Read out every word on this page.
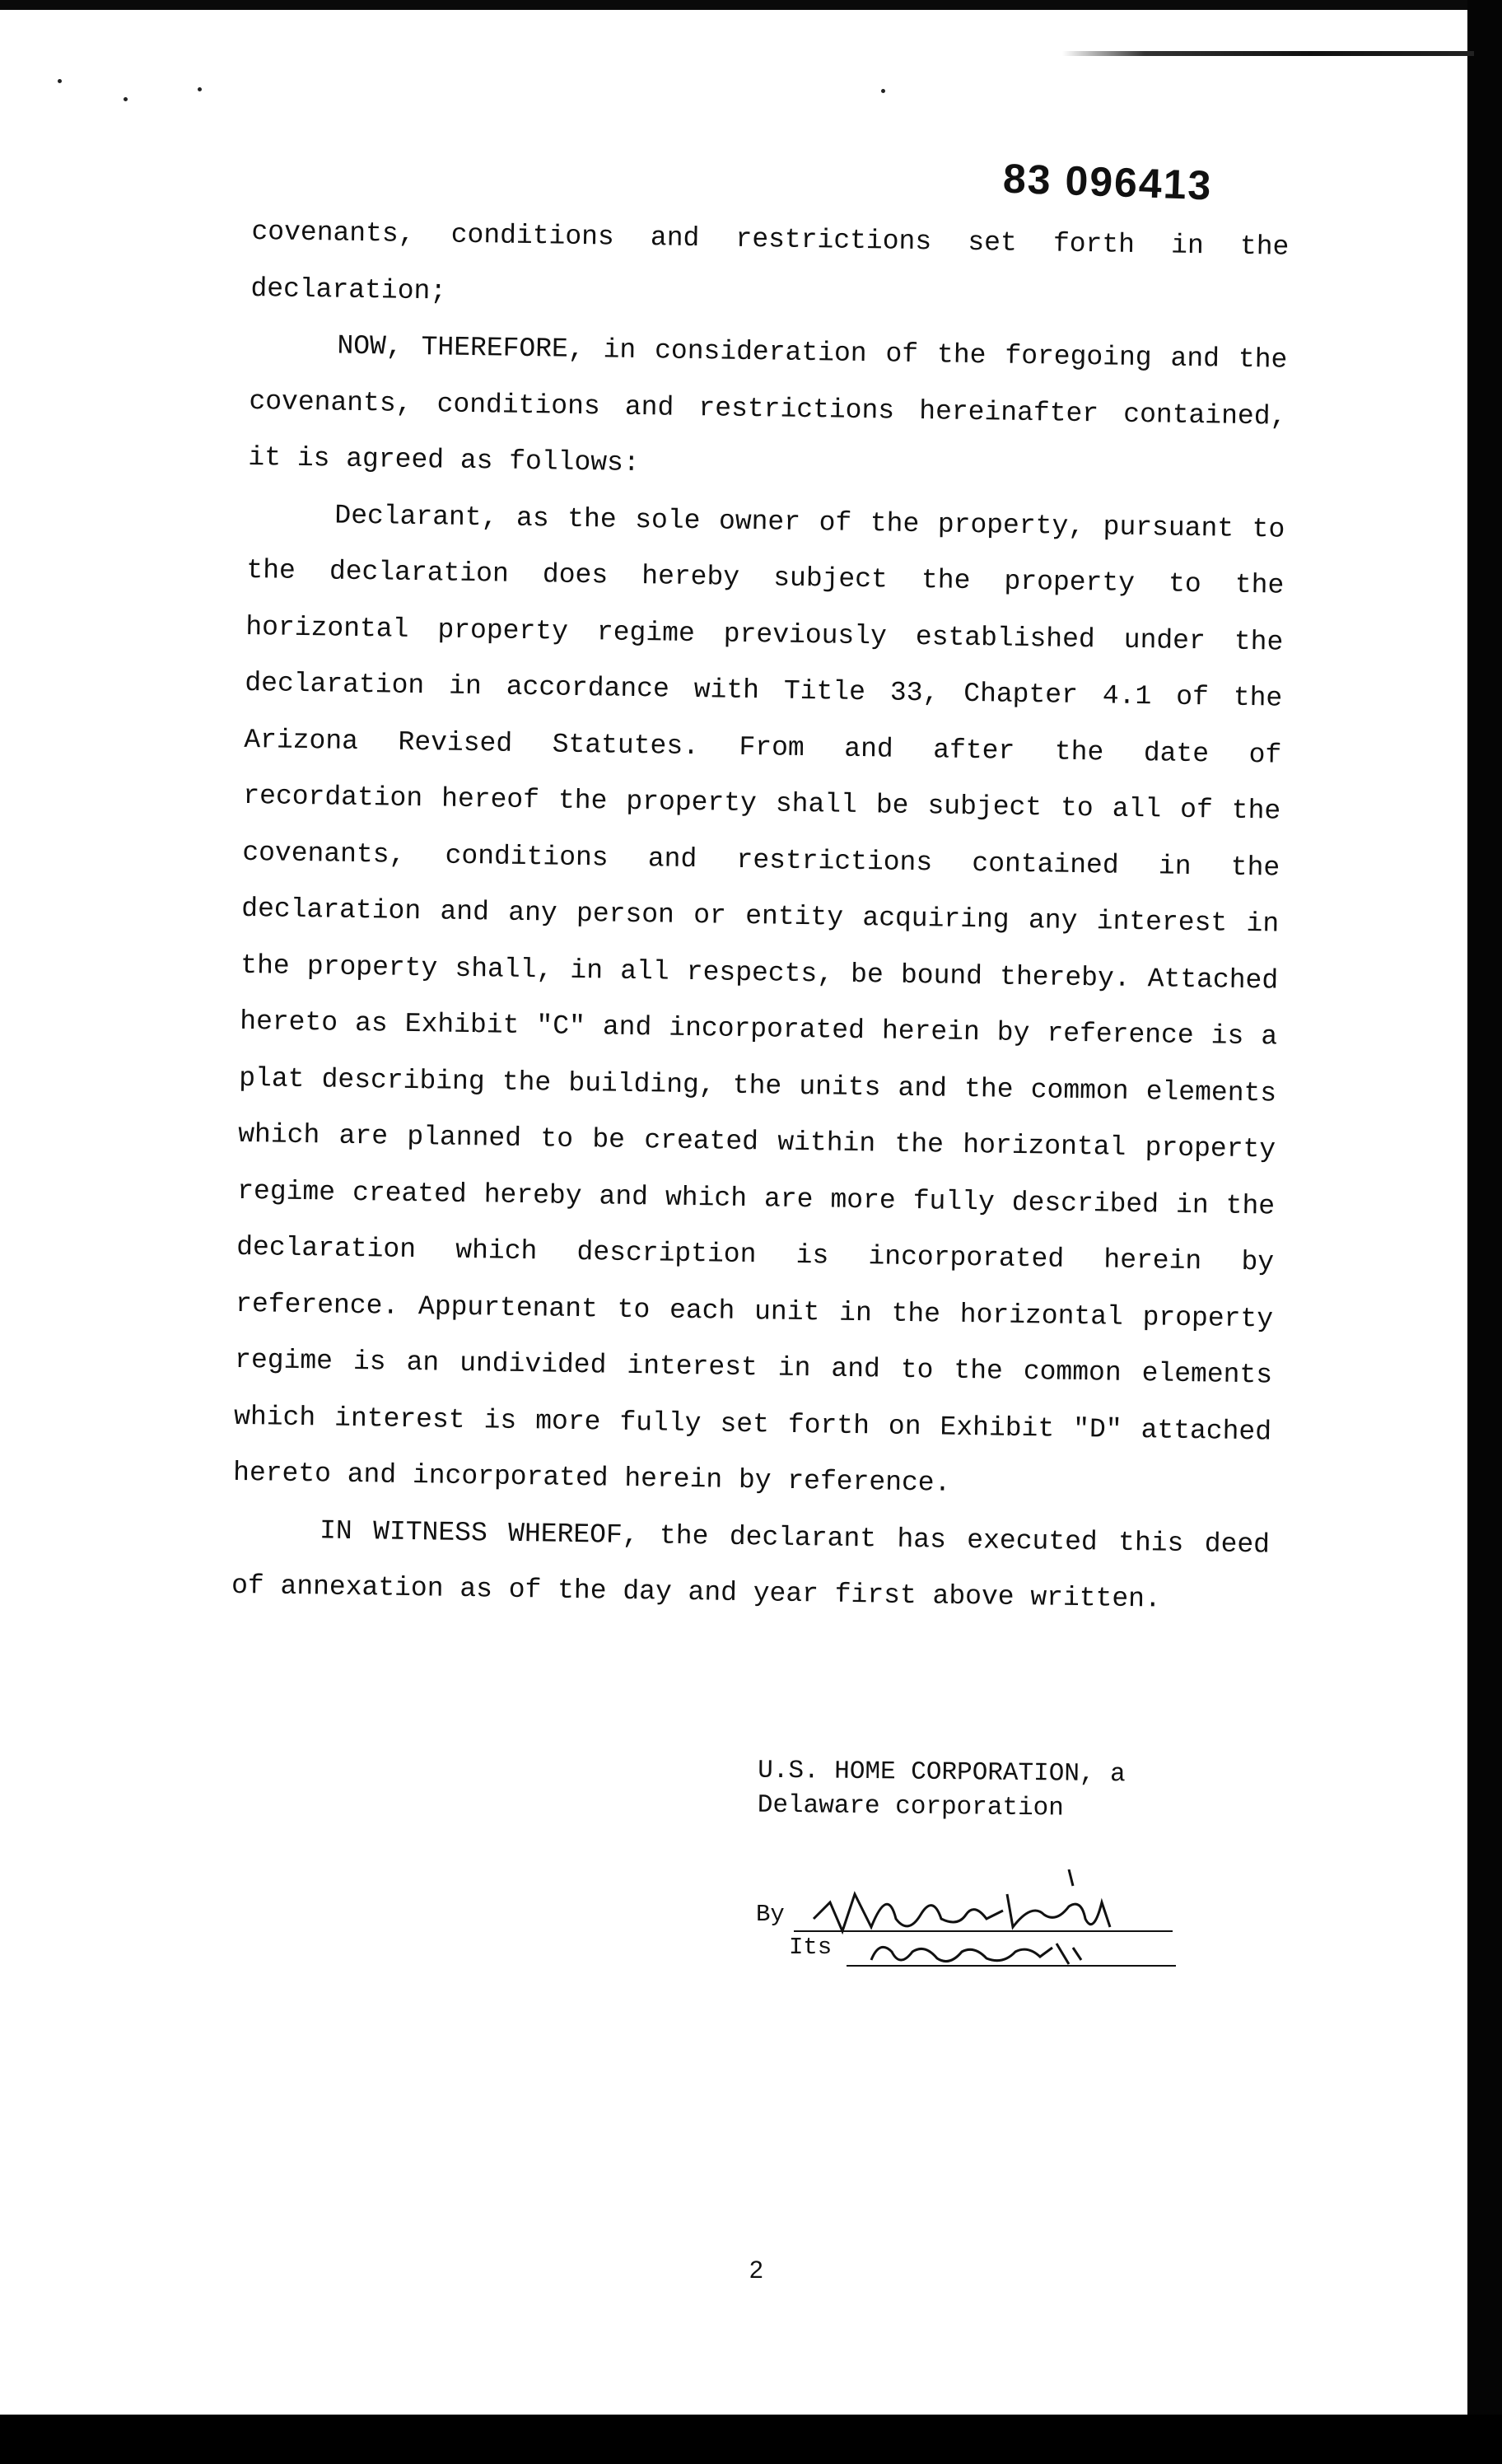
83 096413

covenants, conditions and restrictions set forth in the declaration;

NOW, THEREFORE, in consideration of the foregoing and the covenants, conditions and restrictions hereinafter contained, it is agreed as follows:

Declarant, as the sole owner of the property, pursuant to the declaration does hereby subject the property to the horizontal property regime previously established under the declaration in accordance with Title 33, Chapter 4.1 of the Arizona Revised Statutes. From and after the date of recordation hereof the property shall be subject to all of the covenants, conditions and restrictions contained in the declaration and any person or entity acquiring any interest in the property shall, in all respects, be bound thereby. Attached hereto as Exhibit "C" and incorporated herein by reference is a plat describing the building, the units and the common elements which are planned to be created within the horizontal property regime created hereby and which are more fully described in the declaration which description is incorporated herein by reference. Appurtenant to each unit in the horizontal property regime is an undivided interest in and to the common elements which interest is more fully set forth on Exhibit "D" attached hereto and incorporated herein by reference.

IN WITNESS WHEREOF, the declarant has executed this deed of annexation as of the day and year first above written.

U.S. HOME CORPORATION, a
Delaware corporation
By
Its
2
